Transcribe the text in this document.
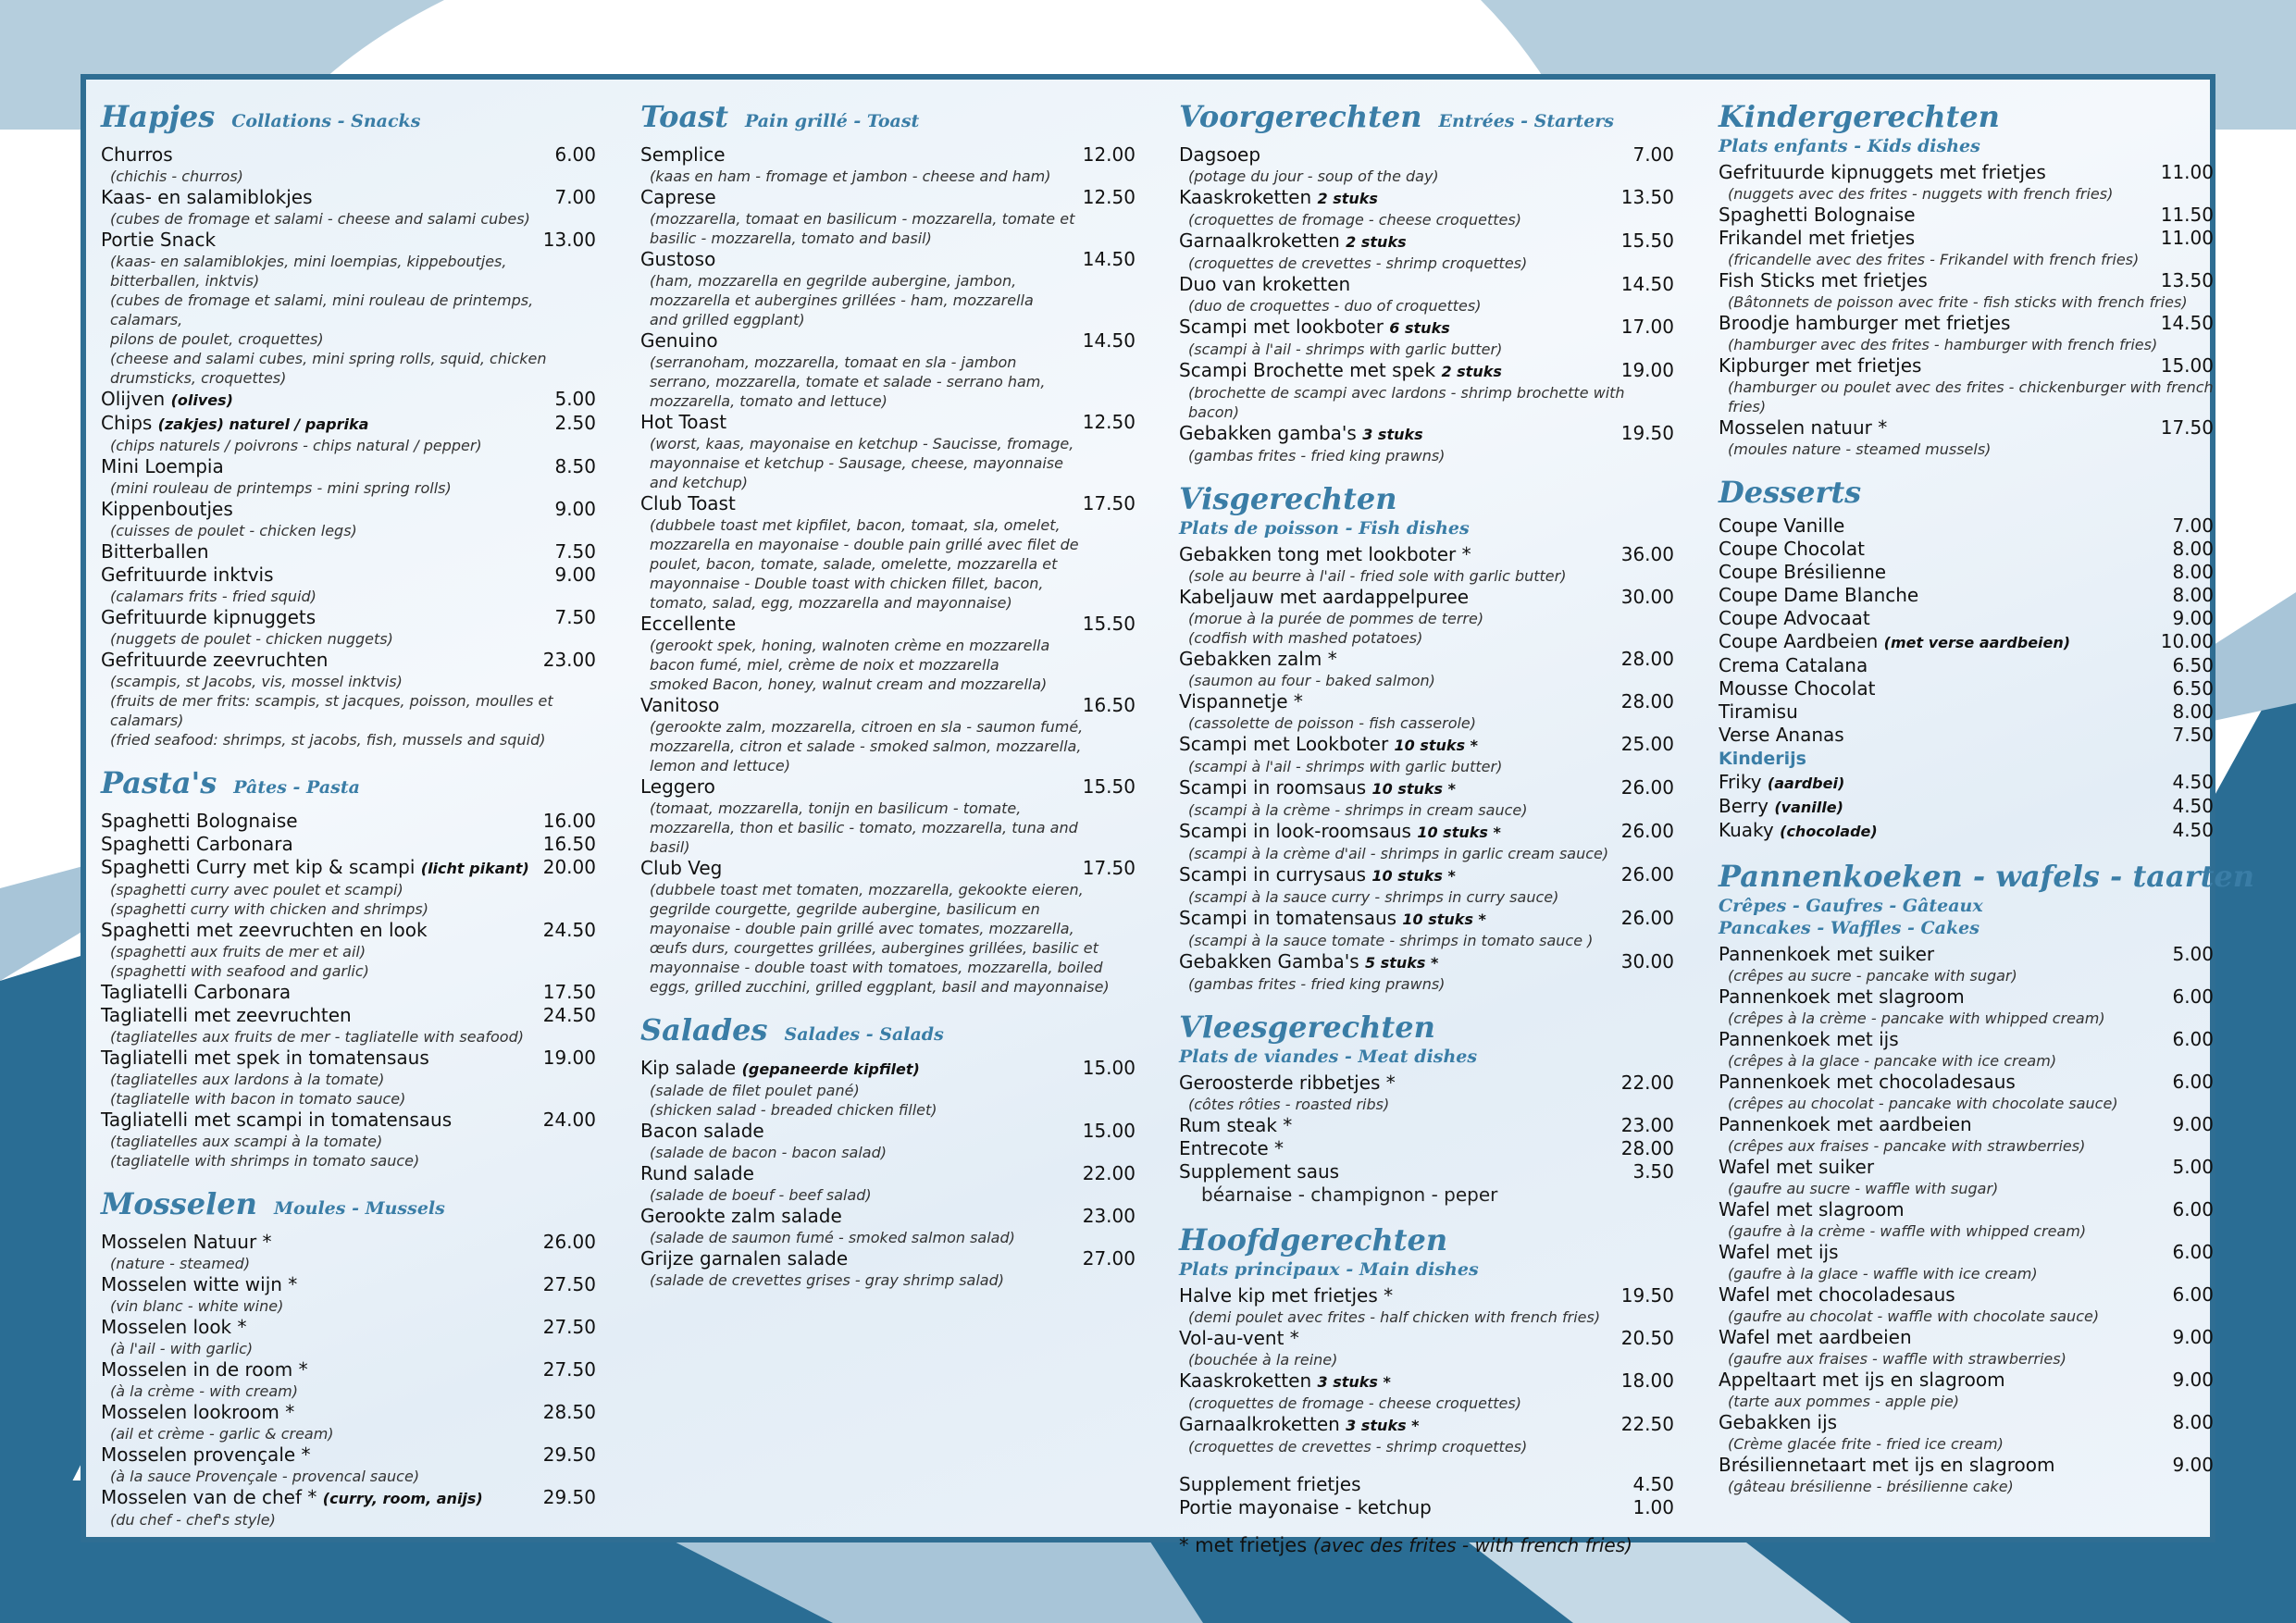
Hapjes Collations - Snacks
Churros	6.00
(chichis - churros)
Kaas- en salamiblokjes	7.00
(cubes de fromage et salami - cheese and salami cubes)
Portie Snack	13.00
(kaas- en salamiblokjes, mini loempias, kippeboutjes, bitterballen, inktvis)
(cubes de fromage et salami, mini rouleau de printemps, calamars,
pilons de poulet, croquettes)
(cheese and salami cubes, mini spring rolls, squid, chicken
drumsticks, croquettes)
Olijven (olives)	5.00
Chips (zakjes) naturel / paprika	2.50
(chips naturels / poivrons - chips natural / pepper)
Mini Loempia	8.50
(mini rouleau de printemps - mini spring rolls)
Kippenboutjes	9.00
(cuisses de poulet - chicken legs)
Bitterballen	7.50
Gefrituurde inktvis	9.00
(calamars frits - fried squid)
Gefrituurde kipnuggets	7.50
(nuggets de poulet - chicken nuggets)
Gefrituurde zeevruchten	23.00
(scampis, st Jacobs, vis, mossel inktvis)
(fruits de mer frits: scampis, st jacques, poisson, moulles et calamars)
(fried seafood: shrimps, st jacobs, fish, mussels and squid)
Pasta's Pâtes - Pasta
Spaghetti Bolognaise	16.00
Spaghetti Carbonara	16.50
Spaghetti Curry met kip & scampi (licht pikant) 20.00
(spaghetti curry avec poulet et scampi)
(spaghetti curry with chicken and shrimps)
Spaghetti met zeevruchten en look	24.50
(spaghetti aux fruits de mer et ail)
(spaghetti with seafood and garlic)
Tagliatelli Carbonara	17.50
Tagliatelli met zeevruchten	24.50
(tagliatelles aux fruits de mer - tagliatelle with seafood)
Tagliatelli met spek in tomatensaus	19.00
(tagliatelles aux lardons à la tomate)
(tagliatelle with bacon in tomato sauce)
Tagliatelli met scampi in tomatensaus	24.00
(tagliatelles aux scampi à la tomate)
(tagliatelle with shrimps in tomato sauce)
Mosselen Moules - Mussels
Mosselen Natuur *	26.00
(nature - steamed)
Mosselen witte wijn *	27.50
(vin blanc - white wine)
Mosselen look *	27.50
(à l'ail - with garlic)
Mosselen in de room *	27.50
(à la crème - with cream)
Mosselen lookroom *	28.50
(ail et crème - garlic & cream)
Mosselen provençale *	29.50
(à la sauce Provençale - provencal sauce)
Mosselen van de chef * (curry, room, anijs)	29.50
(du chef - chef's style)
Toast Pain grillé - Toast
Semplice	12.00
(kaas en ham - fromage et jambon - cheese and ham)
Caprese	12.50
(mozzarella, tomaat en basilicum - mozzarella, tomate et
basilic - mozzarella, tomato and basil)
Gustoso	14.50
(ham, mozzarella en gegrilde aubergine, jambon,
mozzarella et aubergines grillées - ham, mozzarella
and grilled eggplant)
Genuino	14.50
(serranoham, mozzarella, tomaat en sla - jambon
serrano, mozzarella, tomate et salade - serrano ham,
mozzarella, tomato and lettuce)
Hot Toast	12.50
(worst, kaas, mayonaise en ketchup - Saucisse, fromage,
mayonnaise et ketchup - Sausage, cheese, mayonnaise
and ketchup)
Club Toast	17.50
(dubbele toast met kipfilet, bacon, tomaat, sla, omelet,
mozzarella en mayonaise - double pain grillé avec filet de
poulet, bacon, tomate, salade, omelette, mozzarella et
mayonnaise - Double toast with chicken fillet, bacon,
tomato, salad, egg, mozzarella and mayonnaise)
Eccellente	15.50
(gerookt spek, honing, walnoten crème en mozzarella
bacon fumé, miel, crème de noix et mozzarella
smoked Bacon, honey, walnut cream and mozzarella)
Vanitoso	16.50
(gerookte zalm, mozzarella, citroen en sla - saumon fumé,
mozzarella, citron et salade - smoked salmon, mozzarella,
lemon and lettuce)
Leggero	15.50
(tomaat, mozzarella, tonijn en basilicum - tomate,
mozzarella, thon et basilic - tomato, mozzarella, tuna and
basil)
Club Veg	17.50
(dubbele toast met tomaten, mozzarella, gekookte eieren,
gegrilde courgette, gegrilde aubergine, basilicum en
mayonaise - double pain grillé avec tomates, mozzarella,
œufs durs, courgettes grillées, aubergines grillées, basilic et
mayonnaise - double toast with tomatoes, mozzarella, boiled
eggs, grilled zucchini, grilled eggplant, basil and mayonnaise)
Salades Salades - Salads
Kip salade (gepaneerde kipfilet)	15.00
(salade de filet poulet pané)
(shicken salad - breaded chicken fillet)
Bacon salade	15.00
(salade de bacon - bacon salad)
Rund salade	22.00
(salade de boeuf - beef salad)
Gerookte zalm salade	23.00
(salade de saumon fumé - smoked salmon salad)
Grijze garnalen salade	27.00
(salade de crevettes grises - gray shrimp salad)
Voorgerechten Entrées - Starters
Dagsoep	7.00
(potage du jour - soup of the day)
Kaaskroketten 2 stuks	13.50
(croquettes de fromage - cheese croquettes)
Garnaalkroketten 2 stuks	15.50
(croquettes de crevettes - shrimp croquettes)
Duo van kroketten	14.50
(duo de croquettes - duo of croquettes)
Scampi met lookboter 6 stuks	17.00
(scampi à l'ail - shrimps with garlic butter)
Scampi Brochette met spek 2 stuks	19.00
(brochette de scampi avec lardons - shrimp brochette with bacon)
Gebakken gamba's 3 stuks	19.50
(gambas frites - fried king prawns)
Visgerechten
Plats de poisson - Fish dishes
Gebakken tong met lookboter *	36.00
(sole au beurre à l'ail - fried sole with garlic butter)
Kabeljauw met aardappelpuree	30.00
(morue à la purée de pommes de terre)
(codfish with mashed potatoes)
Gebakken zalm *	28.00
(saumon au four - baked salmon)
Vispannetje *	28.00
(cassolette de poisson - fish casserole)
Scampi met Lookboter 10 stuks *	25.00
(scampi à l'ail - shrimps with garlic butter)
Scampi in roomsaus 10 stuks *	26.00
(scampi à la crème - shrimps in cream sauce)
Scampi in look-roomsaus 10 stuks *	26.00
(scampi à la crème d'ail - shrimps in garlic cream sauce)
Scampi in currysaus 10 stuks *	26.00
(scampi à la sauce curry - shrimps in curry sauce)
Scampi in tomatensaus 10 stuks *	26.00
(scampi à la sauce tomate - shrimps in tomato sauce )
Gebakken Gamba's 5 stuks *	30.00
(gambas frites - fried king prawns)
Vleesgerechten
Plats de viandes - Meat dishes
Geroosterde ribbetjes *	22.00
(côtes rôties - roasted ribs)
Rum steak *	23.00
Entrecote *	28.00
Supplement saus	3.50
béarnaise - champignon - peper
Hoofdgerechten
Plats principaux - Main dishes
Halve kip met frietjes *	19.50
(demi poulet avec frites - half chicken with french fries)
Vol-au-vent *	20.50
(bouchée à la reine)
Kaaskroketten 3 stuks *	18.00
(croquettes de fromage - cheese croquettes)
Garnaalkroketten 3 stuks *	22.50
(croquettes de crevettes - shrimp croquettes)
Supplement frietjes	4.50
Portie mayonaise - ketchup	1.00
* met frietjes (avec des frites - with french fries)
Kindergerechten
Plats enfants - Kids dishes
Gefrituurde kipnuggets met frietjes	11.00
(nuggets avec des frites - nuggets with french fries)
Spaghetti Bolognaise	11.50
Frikandel met frietjes	11.00
(fricandelle avec des frites - Frikandel with french fries)
Fish Sticks met frietjes	13.50
(Bâtonnets de poisson avec frite - fish sticks with french fries)
Broodje hamburger met frietjes	14.50
(hamburger avec des frites - hamburger with french fries)
Kipburger met frietjes	15.00
(hamburger ou poulet avec des frites - chickenburger with french fries)
Mosselen natuur *	17.50
(moules nature - steamed mussels)
Desserts
Coupe Vanille	7.00
Coupe Chocolat	8.00
Coupe Brésilienne	8.00
Coupe Dame Blanche	8.00
Coupe Advocaat	9.00
Coupe Aardbeien (met verse aardbeien)	10.00
Crema Catalana	6.50
Mousse Chocolat	6.50
Tiramisu	8.00
Verse Ananas	7.50
Kinderijs
Friky (aardbei)	4.50
Berry (vanille)	4.50
Kuaky (chocolade)	4.50
Pannenkoeken - wafels - taarten
Crêpes - Gaufres - Gâteaux
Pancakes - Waffles - Cakes
Pannenkoek met suiker	5.00
(crêpes au sucre - pancake with sugar)
Pannenkoek met slagroom	6.00
(crêpes à la crème - pancake with whipped cream)
Pannenkoek met ijs	6.00
(crêpes à la glace - pancake with ice cream)
Pannenkoek met chocoladesaus	6.00
(crêpes au chocolat - pancake with chocolate sauce)
Pannenkoek met aardbeien	9.00
(crêpes aux fraises - pancake with strawberries)
Wafel met suiker	5.00
(gaufre au sucre - waffle with sugar)
Wafel met slagroom	6.00
(gaufre à la crème - waffle with whipped cream)
Wafel met ijs	6.00
(gaufre à la glace - waffle with ice cream)
Wafel met chocoladesaus	6.00
(gaufre au chocolat - waffle with chocolate sauce)
Wafel met aardbeien	9.00
(gaufre aux fraises - waffle with strawberries)
Appeltaart met ijs en slagroom	9.00
(tarte aux pommes - apple pie)
Gebakken ijs	8.00
(Crème glacée frite - fried ice cream)
Brésiliennetaart met ijs en slagroom	9.00
(gâteau brésilienne - brésilienne cake)
